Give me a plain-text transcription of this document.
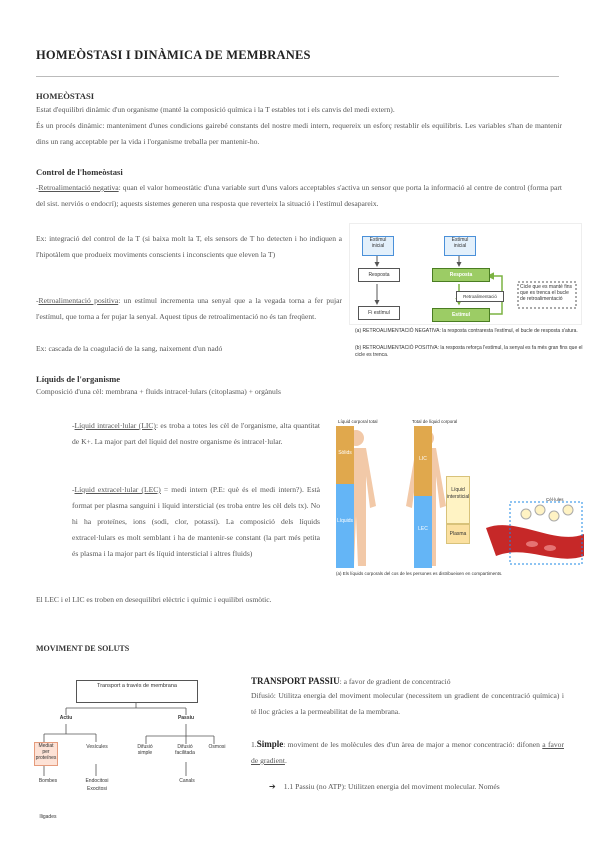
HOMEÒSTASI I DINÀMICA DE MEMBRANES
HOMEÒSTASI

Estat d'equilibri dinàmic d'un organisme (manté la composició química i la T estables tot i els canvis del medi extern).

És un procés dinàmic: manteniment d'unes condicions gairebé constants del nostre medi intern, requereix un esforç restablir els equilibris. Les variables s'han de mantenir dins un rang acceptable per la vida i l'organisme treballa per mantenir-ho.

Control de l'homeòstasi

-Retroalimentació negativa: quan el valor homeostàtic d'una variable surt d'uns valors acceptables s'activa un sensor que porta la informació al centre de control (forma part del sist. nerviós o endocrí); aquests sistemes generen una resposta que reverteix la situació i l'estímul desapareix.

Ex: integració del control de la T (si baixa molt la T, els sensors de T ho detecten i ho indiquen a l'hipotàlem que produeix moviments conscients i inconscients que eleven la T)

-Retroalimentació positiva: un estímul incrementa una senyal que a la vegada torna a fer pujar l'estímul, que torna a fer pujar la senyal. Aquest tipus de retroalimentació no és tan freqüent.

Ex: cascada de la coagulació de la sang, naixement d'un nadó

Estímul inicial
Resposta
Fi estímul
Estímul inicial
Resposta
Estímul
Retroalimentació
Cicle que es manté fins que es trenca el bucle de retroalimentació
(a) RETROALIMENTACIÓ NEGATIVA: la resposta contraresta l'estímul, el bucle de resposta s'atura.
(b) RETROALIMENTACIÓ POSITIVA: la resposta reforça l'estímul, la senyal es fa més gran fins que el cicle es trenca.
Líquids de l'organisme

Composició d'una cèl: membrana + fluids intracel·lulars (citoplasma) + orgànuls

-Líquid intracel·lular (LIC): es troba a totes les cèl de l'organisme, alta quantitat de K+. La major part del líquid del nostre organisme és intracel·lular.

-Líquid extracel·lular (LEC) = medi intern (P.E: què és el medi intern?). Està format per plasma sanguini i líquid intersticial (es troba entre les cèl dels tx). No hi ha proteïnes, ions (sodi, clor, potassi). La composició dels líquids extracel·lulars es molt semblant i ha de mantenir-se constant (la part més petita és plasma i la major part és líquid intersticial i altres fluids)

El LEC i el LIC es troben en desequilibri elèctric i químic i equilibri osmòtic.

Líquid corporal total	Total de líquid corporal
Sòlids
Líquids
LIC
LEC
Líquid intersticial
Plasma
Cèl·lules
(a) Els líquids corporals del cos de les persones es distribueixen en compartiments.
MOVIMENT DE SOLUTS
Transport a través de membrana
Actiu	Passiu
Mediat per proteïnes
Vesícules	Difusió simple
Difusió facilitada
Osmosi
Bombes	Endocitosi
Exocitosi
Canals
lligades
TRANSPORT PASSIU: a favor de gradient de concentració

Difusió: Utilitza energia del moviment molecular (necessitem un gradient de concentració química) i té lloc gràcies a la permeabilitat de la membrana.

1.Simple: moviment de les molècules des d'un àrea de major a menor concentració: difonen a favor de gradient.

➔ 1.1 Passiu (no ATP): Utilitzen energia del moviment molecular. Només
